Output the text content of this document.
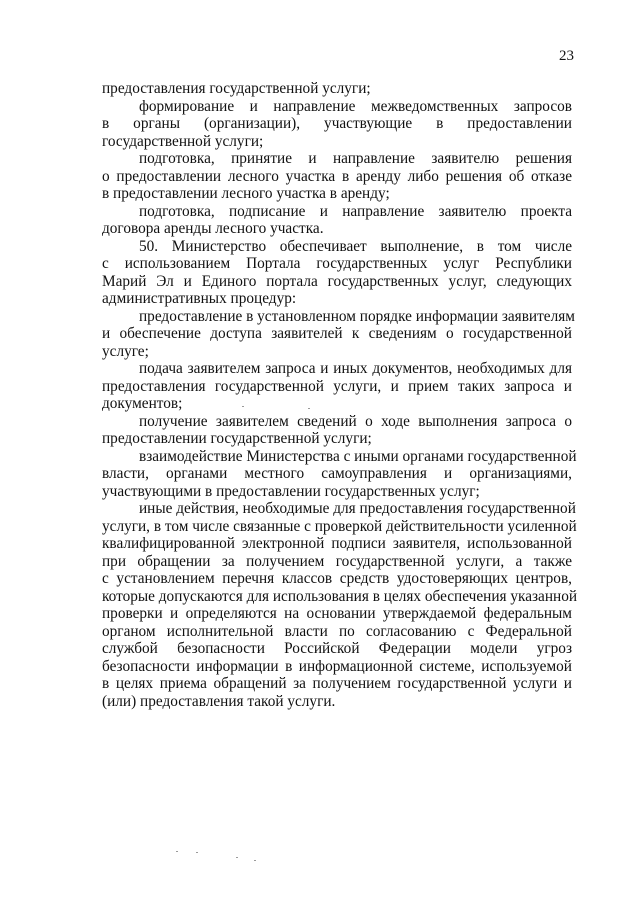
23

предоставления государственной услуги;

формирование и направление межведомственных запросов
в органы (организации), участвующие в предоставлении
государственной услуги;

подготовка, принятие и направление заявителю решения
о предоставлении лесного участка в аренду либо решения об отказе
в предоставлении лесного участка в аренду;

подготовка, подписание и направление заявителю проекта
договора аренды лесного участка.

50. Министерство обеспечивает выполнение, в том числе
с использованием Портала государственных услуг Республики
Марий Эл и Единого портала государственных услуг, следующих
административных процедур:

предоставление в установленном порядке информации заявителям
и обеспечение доступа заявителей к сведениям о государственной
услуге;

подача заявителем запроса и иных документов, необходимых для
предоставления государственной услуги, и прием таких запроса и
документов;

получение заявителем сведений о ходе выполнения запроса о
предоставлении государственной услуги;

взаимодействие Министерства с иными органами государственной
власти, органами местного самоуправления и организациями,
участвующими в предоставлении государственных услуг;

иные действия, необходимые для предоставления государственной
услуги, в том числе связанные с проверкой действительности усиленной
квалифицированной электронной подписи заявителя, использованной
при обращении за получением государственной услуги, а также
с установлением перечня классов средств удостоверяющих центров,
которые допускаются для использования в целях обеспечения указанной
проверки и определяются на основании утверждаемой федеральным
органом исполнительной власти по согласованию с Федеральной
службой безопасности Российской Федерации модели угроз
безопасности информации в информационной системе, используемой
в целях приема обращений за получением государственной услуги и
(или) предоставления такой услуги.
